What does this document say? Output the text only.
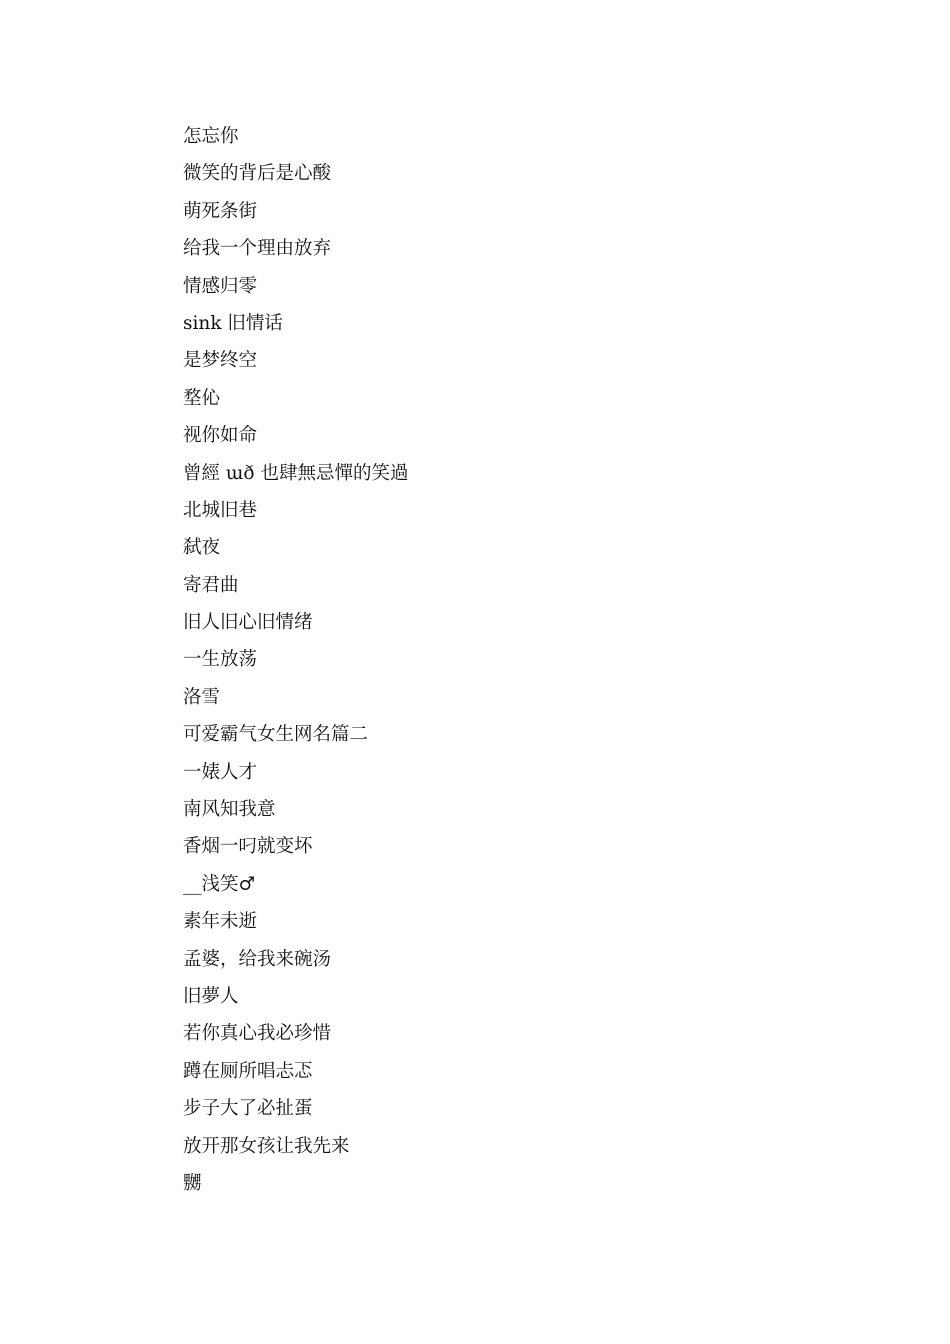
怎忘你
微笑的背后是心酸
萌死条街
给我一个理由放弃
情感归零
sink 旧情话
是梦终空
堥伈
视你如命
曾經 ɯð 也肆無忌憚的笑過
北城旧巷
弑夜
寄君曲
旧人旧心旧情绪
一生放荡
洛雪
可爱霸气女生网名篇二
一婊人才
南风知我意
香烟一叼就变坏
__浅笑♂
素年未逝
孟婆，给我来碗汤
旧夢人
若你真心我必珍惜
蹲在厕所唱忐忑
步子大了必扯蛋
放开那女孩让我先来
嬲
